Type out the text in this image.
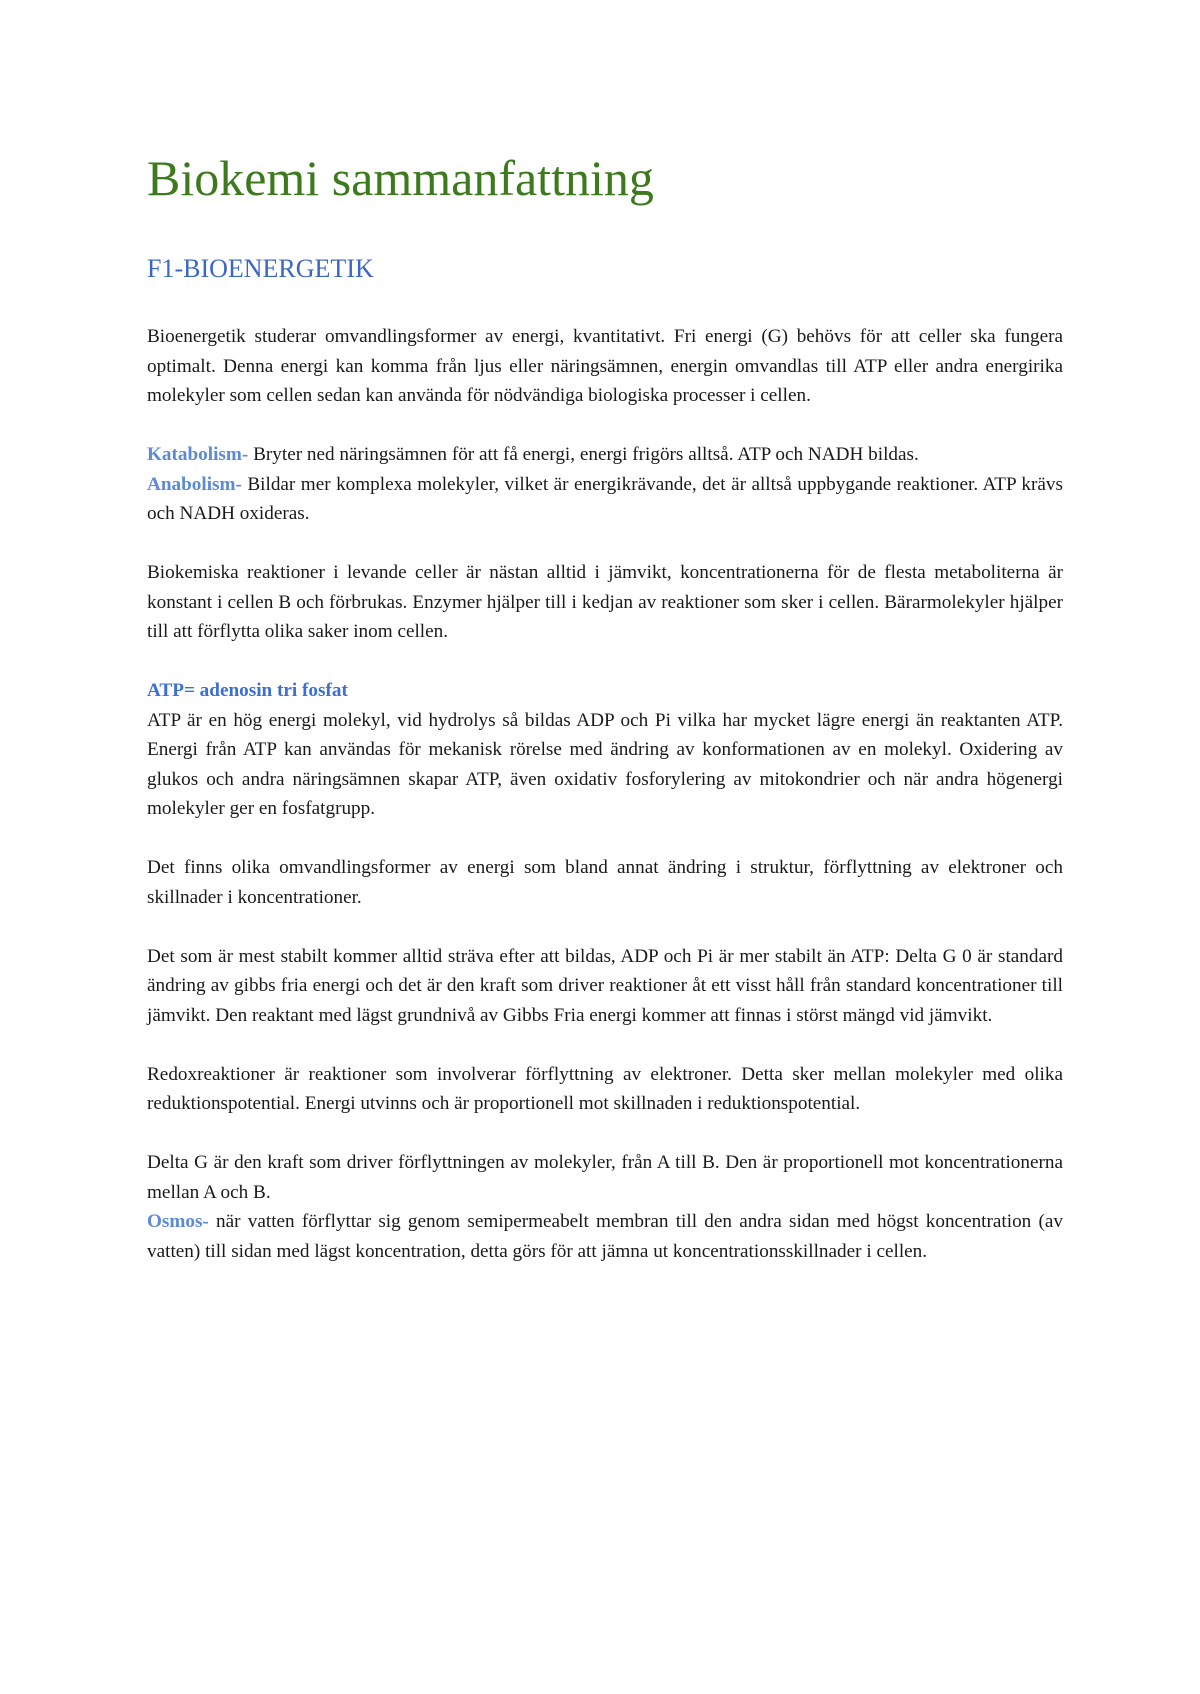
Biokemi sammanfattning
F1-BIOENERGETIK

Bioenergetik studerar omvandlingsformer av energi, kvantitativt. Fri energi (G) behövs för att celler ska fungera optimalt. Denna energi kan komma från ljus eller näringsämnen, energin omvandlas till ATP eller andra energirika molekyler som cellen sedan kan använda för nödvändiga biologiska processer i cellen.

Katabolism- Bryter ned näringsämnen för att få energi, energi frigörs alltså. ATP och NADH bildas.

Anabolism- Bildar mer komplexa molekyler, vilket är energikrävande, det är alltså uppbygande reaktioner. ATP krävs och NADH oxideras.

Biokemiska reaktioner i levande celler är nästan alltid i jämvikt, koncentrationerna för de flesta metaboliterna är konstant i cellen B och förbrukas. Enzymer hjälper till i kedjan av reaktioner som sker i cellen. Bärarmolekyler hjälper till att förflytta olika saker inom cellen.

ATP= adenosin tri fosfat

ATP är en hög energi molekyl, vid hydrolys så bildas ADP och Pi vilka har mycket lägre energi än reaktanten ATP. Energi från ATP kan användas för mekanisk rörelse med ändring av konformationen av en molekyl. Oxidering av glukos och andra näringsämnen skapar ATP, även oxidativ fosforylering av mitokondrier och när andra högenergi molekyler ger en fosfatgrupp.

Det finns olika omvandlingsformer av energi som bland annat ändring i struktur, förflyttning av elektroner och skillnader i koncentrationer.

Det som är mest stabilt kommer alltid sträva efter att bildas, ADP och Pi är mer stabilt än ATP: Delta G 0 är standard ändring av gibbs fria energi och det är den kraft som driver reaktioner åt ett visst håll från standard koncentrationer till jämvikt. Den reaktant med lägst grundnivå av Gibbs Fria energi kommer att finnas i störst mängd vid jämvikt.

Redoxreaktioner är reaktioner som involverar förflyttning av elektroner. Detta sker mellan molekyler med olika reduktionspotential. Energi utvinns och är proportionell mot skillnaden i reduktionspotential.

Delta G är den kraft som driver förflyttningen av molekyler, från A till B. Den är proportionell mot koncentrationerna mellan A och B.

Osmos- när vatten förflyttar sig genom semipermeabelt membran till den andra sidan med högst koncentration (av vatten) till sidan med lägst koncentration, detta görs för att jämna ut koncentrationsskillnader i cellen.
